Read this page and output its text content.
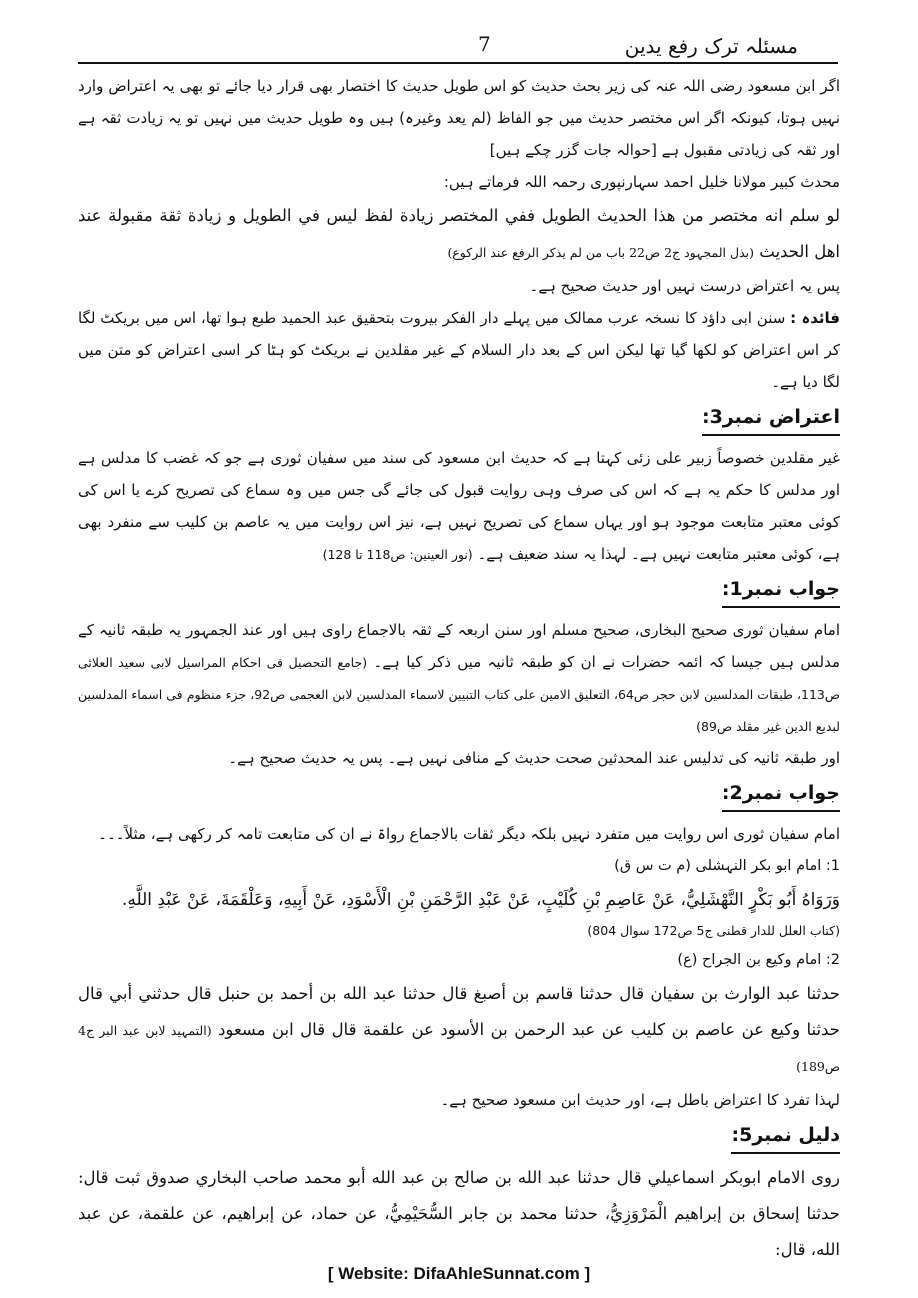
مسئلہ ترک رفع یدین
7

اگر ابن مسعود رضی اللہ عنہ کی زیر بحث حدیث کو اس طویل حدیث کا اختصار بھی قرار دیا جائے تو بھی یہ اعتراض وارد نہیں ہوتا، کیونکہ اگر اس مختصر حدیث میں جو الفاظ (لم یعد وغیرہ) ہیں وہ طویل حدیث میں نہیں تو یہ زیادت ثقہ ہے اور ثقہ کی زیادتی مقبول ہے [حوالہ جات گزر چکے ہیں]

محدث کبیر مولانا خلیل احمد سہارنپوری رحمہ اللہ فرماتے ہیں:

لو سلم انه مختصر من هذا الحديث الطويل ففي المختصر زيادة لفظ ليس في الطويل و زيادة ثقة مقبولة عند اهل الحديث (بذل المجہود ج2 ص22 باب من لم یذکر الرفع عند الرکوع)

پس یہ اعتراض درست نہیں اور حدیث صحیح ہے۔

فائدہ : سنن ابی داؤد کا نسخہ عرب ممالک میں پہلے دار الفکر بیروت بتحقیق عبد الحمید طبع ہوا تھا، اس میں بریکٹ لگا کر اس اعتراض کو لکھا گیا تھا لیکن اس کے بعد دار السلام کے غیر مقلدین نے بریکٹ کو ہٹا کر اسی اعتراض کو متن میں لگا دیا ہے۔

اعتراض نمبر3:

غیر مقلدین خصوصاً زبیر علی زئی کہتا ہے کہ حدیث ابن مسعود کی سند میں سفیان ثوری ہے جو کہ غضب کا مدلس ہے اور مدلس کا حکم یہ ہے کہ اس کی صرف وہی روایت قبول کی جائے گی جس میں وہ سماع کی تصریح کرے یا اس کی کوئی معتبر متابعت موجود ہو اور یہاں سماع کی تصریح نہیں ہے، نیز اس روایت میں یہ عاصم بن کلیب سے منفرد بھی ہے، کوئی معتبر متابعت نہیں ہے۔ لہذا یہ سند ضعیف ہے۔ (نور العینین: ص118 تا 128)

جواب نمبر1:

امام سفیان ثوری صحیح البخاری، صحیح مسلم اور سنن اربعہ کے ثقہ بالاجماع راوی ہیں اور عند الجمہور یہ طبقہ ثانیہ کے مدلس ہیں جیسا کہ ائمہ حضرات نے ان کو طبقہ ثانیہ میں ذکر کیا ہے۔ (جامع التحصیل فی احکام المراسیل لابی سعید العلائی ص113، طبقات المدلسین لابن حجر ص64، التعلیق الامین علی کتاب التبیین لاسماء المدلسین لابن العجمی ص92، جزء منظوم فی اسماء المدلسین لبدیع الدین غیر مقلد ص89)

اور طبقہ ثانیہ کی تدلیس عند المحدثین صحت حدیث کے منافی نہیں ہے۔ پس یہ حدیث صحیح ہے۔

جواب نمبر2:

امام سفیان ثوری اس روایت میں متفرد نہیں بلکہ دیگر ثقات بالاجماع رواۃ نے ان کی متابعت تامہ کر رکھی ہے، مثلاً۔۔۔

1: امام ابو بکر النہشلی (م ت س ق)

وَرَوَاهُ أَبُو بَكْرٍ النَّهْشَلِيُّ، عَنْ عَاصِمِ بْنِ كُلَيْبٍ، عَنْ عَبْدِ الرَّحْمَنِ بْنِ الْأَسْوَدِ، عَنْ أَبِيهِ، وَعَلْقَمَةَ، عَنْ عَبْدِ اللَّهِ.

(کتاب العلل للدار قطنی ج5 ص172 سوال 804)

2: امام وکیع بن الجراح (ع)

حدثنا عبد الوارث بن سفيان قال حدثنا قاسم بن أصبغ قال حدثنا عبد الله بن أحمد بن حنبل قال حدثني أبي قال حدثنا وكيع عن عاصم بن كليب عن عبد الرحمن بن الأسود عن علقمة قال قال ابن مسعود (التمہید لابن عبد البر ج4 ص189)

لہذا تفرد کا اعتراض باطل ہے، اور حدیث ابن مسعود صحیح ہے۔

دلیل نمبر5:

روى الامام ابوبكر اسماعيلي قال حدثنا عبد الله بن صالح بن عبد الله أبو محمد صاحب البخاري صدوق ثبت قال: حدثنا إسحاق بن إبراهيم الْمَرْوَزِيُّ، حدثنا محمد بن جابر السُّحَيْمِيُّ، عن حماد، عن إبراهيم، عن علقمة، عن عبد الله، قال:

[ Website: DifaAhleSunnat.com ]
